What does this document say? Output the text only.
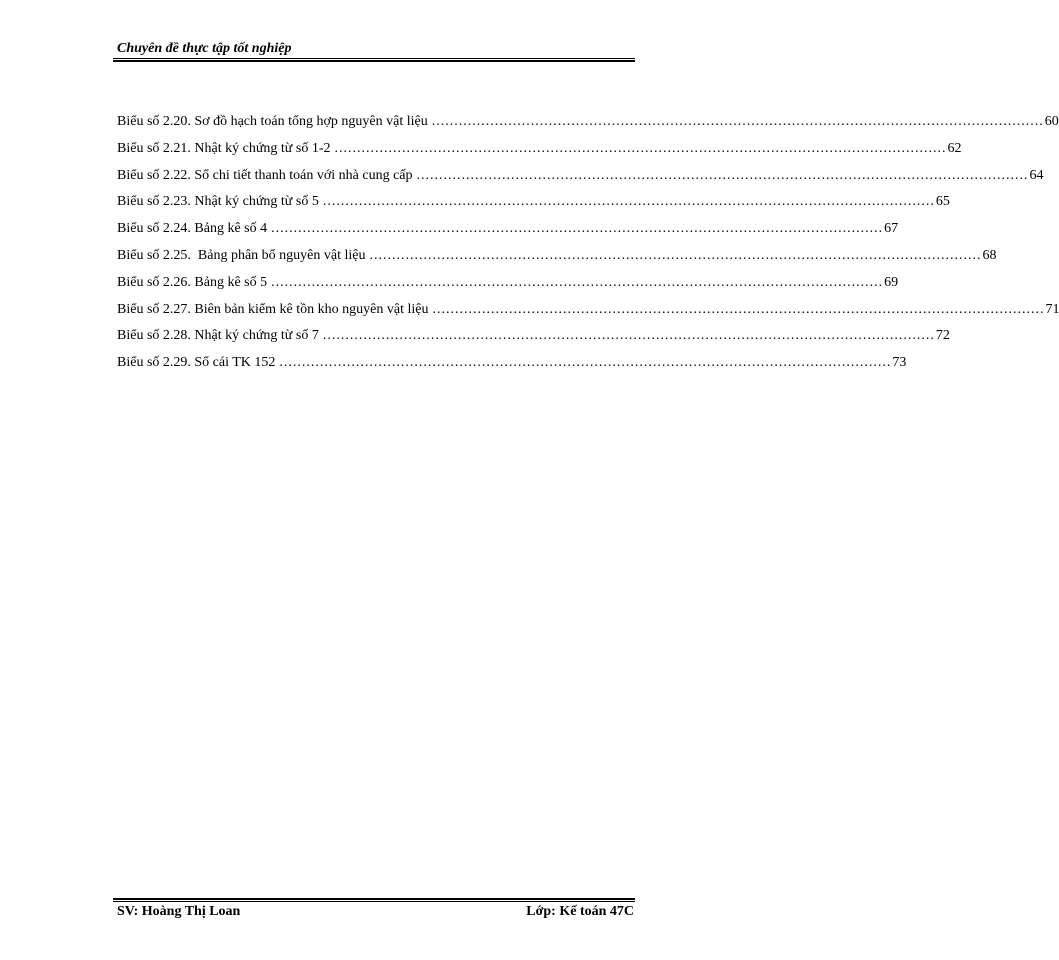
Chuyên đề thực tập tốt nghiệp
Biểu số 2.20. Sơ đồ hạch toán tổng hợp nguyên vật liệu ........................................................................................................................................ 60
Biểu số 2.21. Nhật ký chứng từ số 1-2 ........................................................................................................................................ 62
Biểu số 2.22. Sổ chi tiết thanh toán với nhà cung cấp ........................................................................................................................................ 64
Biểu số 2.23. Nhật ký chứng từ số 5 ........................................................................................................................................ 65
Biểu số 2.24. Bảng kê số 4 ........................................................................................................................................ 67
Biểu số 2.25.  Bảng phân bổ nguyên vật liệu ........................................................................................................................................ 68
Biểu số 2.26. Bảng kê số 5 ........................................................................................................................................ 69
Biểu số 2.27. Biên bản kiểm kê tồn kho nguyên vật liệu ........................................................................................................................................ 71
Biểu số 2.28. Nhật ký chứng từ số 7 ........................................................................................................................................ 72
Biểu số 2.29. Sổ cái TK 152 ........................................................................................................................................ 73
SV: Hoàng Thị Loan	Lớp: Kế toán 47C
